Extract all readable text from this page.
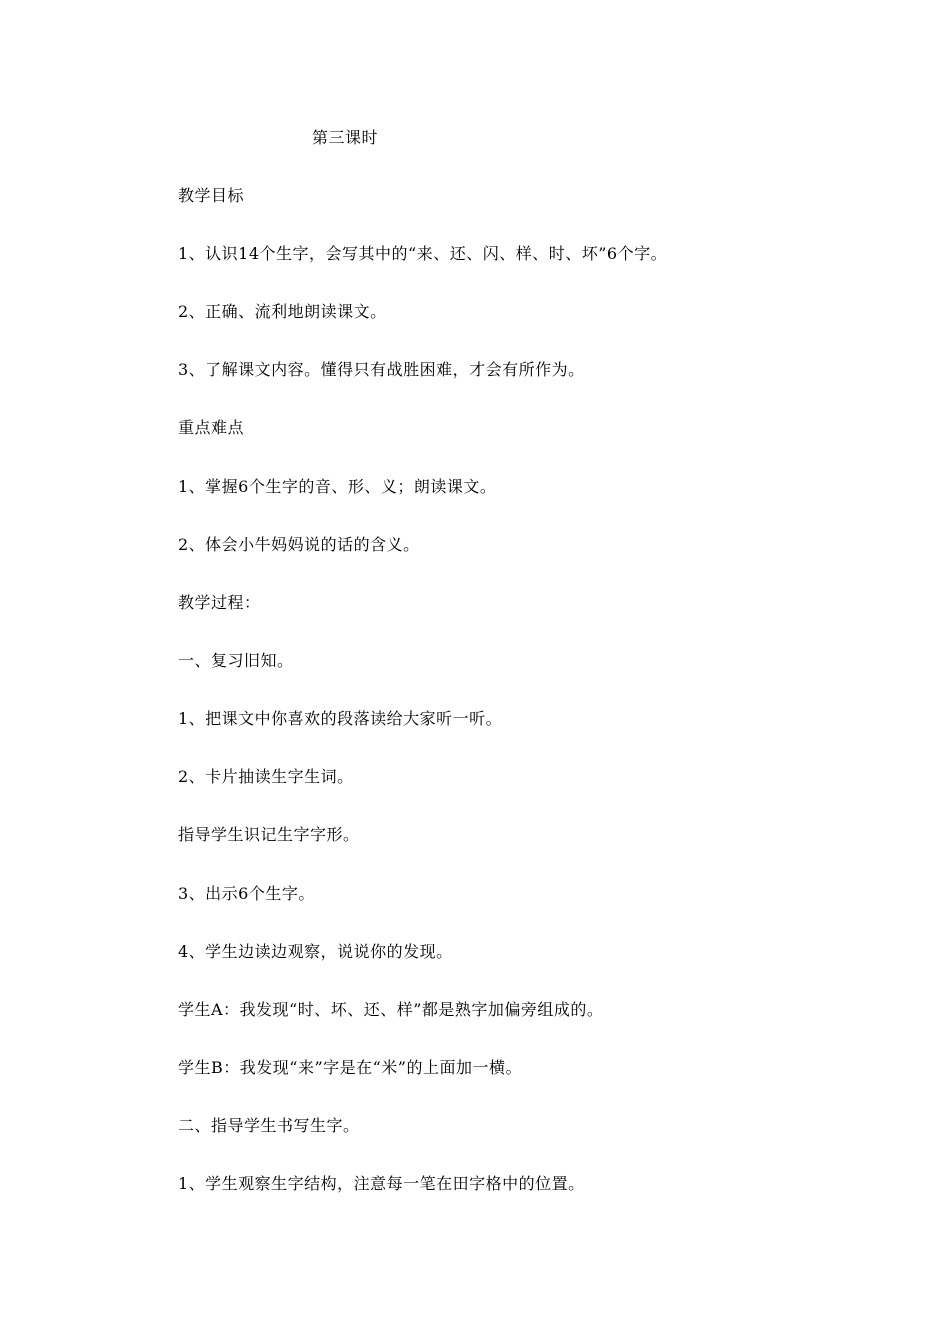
第三课时
教学目标
1、认识14个生字，会写其中的“来、还、闪、样、时、坏”6个字。
2、正确、流利地朗读课文。
3、了解课文内容。懂得只有战胜困难，才会有所作为。
重点难点
1、掌握6个生字的音、形、义；朗读课文。
2、体会小牛妈妈说的话的含义。
教学过程：
一、复习旧知。
1、把课文中你喜欢的段落读给大家听一听。
2、卡片抽读生字生词。
指导学生识记生字字形。
3、出示6个生字。
4、学生边读边观察，说说你的发现。
学生A：我发现“时、坏、还、样”都是熟字加偏旁组成的。
学生B：我发现“来”字是在“米”的上面加一横。
二、指导学生书写生字。
1、学生观察生字结构，注意每一笔在田字格中的位置。
